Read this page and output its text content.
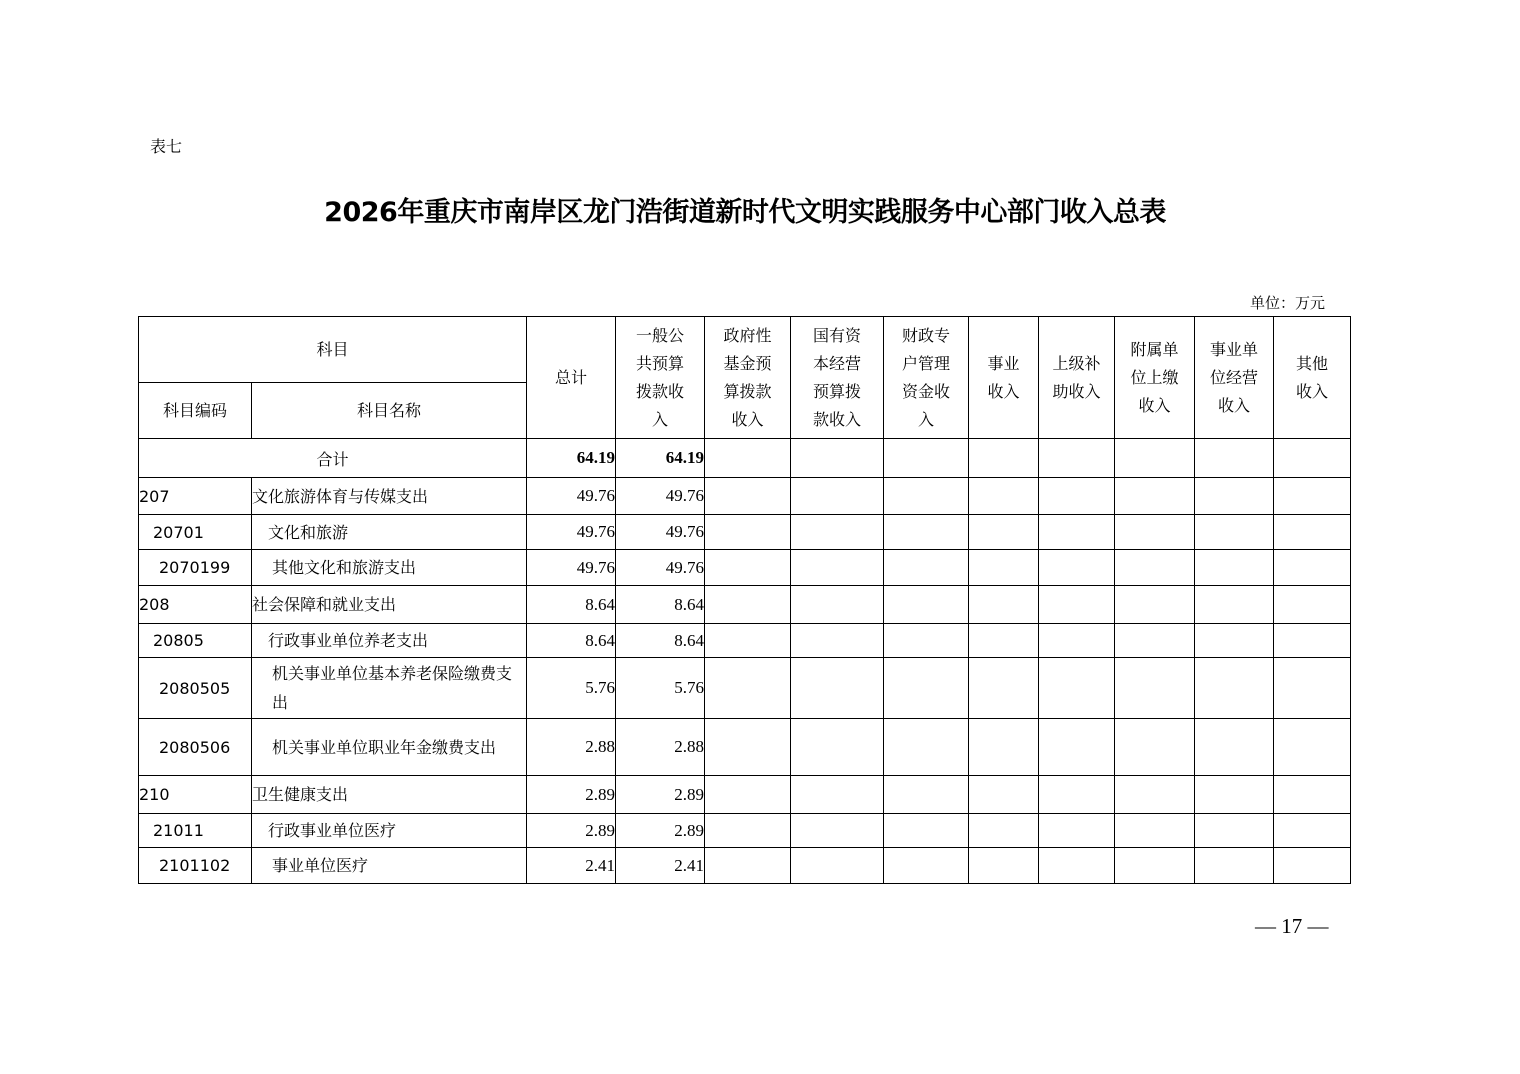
表七
2026年重庆市南岸区龙门浩街道新时代文明实践服务中心部门收入总表
单位：万元
科目		总计	一般公共预算拨款收入	政府性基金预算拨款收入	国有资本经营预算拨款收入	财政专户管理资金收入	事业收入	上级补助收入	附属单位上缴收入	事业单位经营收入	其他收入

科目编码	科目名称										
合计		64.19	64.19								
207	文化旅游体育与传媒支出	49.76	49.76								
20701	文化和旅游	49.76	49.76								
2070199	其他文化和旅游支出	49.76	49.76								
208	社会保障和就业支出	8.64	8.64								
20805	行政事业单位养老支出	8.64	8.64								
2080505	机关事业单位基本养老保险缴费支出	5.76	5.76								
2080506	机关事业单位职业年金缴费支出	2.88	2.88								
210	卫生健康支出	2.89	2.89								
21011	行政事业单位医疗	2.89	2.89								
2101102	事业单位医疗	2.41	2.41								
— 17 —
